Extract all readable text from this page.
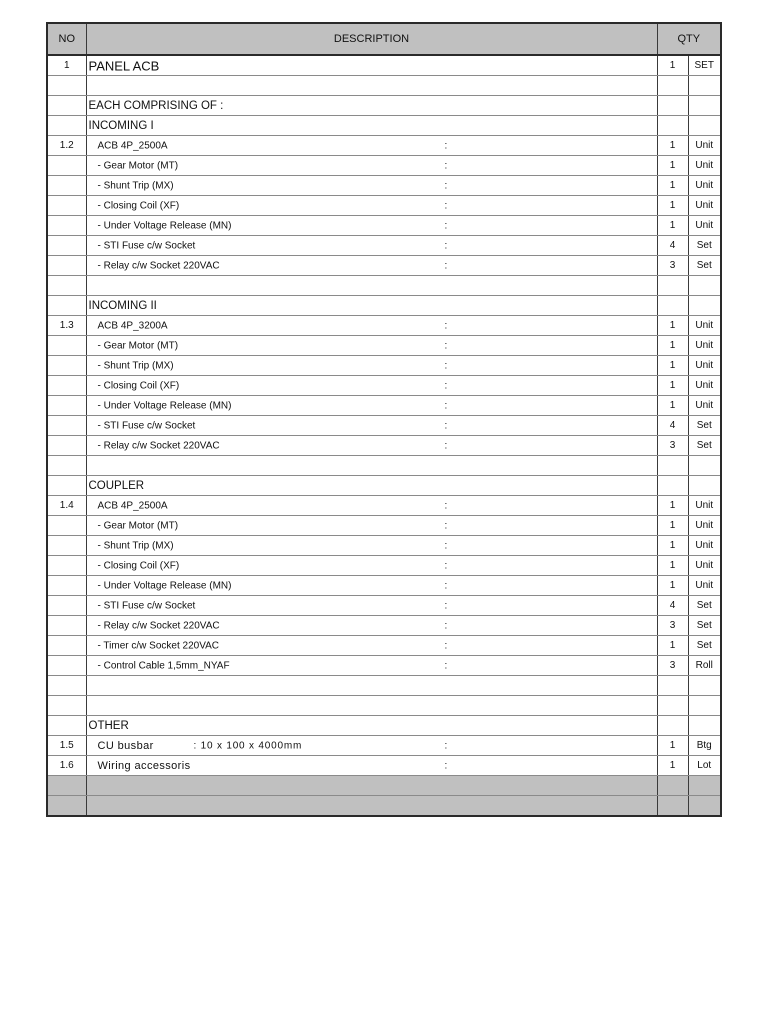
NO	DESCRIPTION	QTY	
1	PANEL ACB	1	SET

	EACH COMPRISING OF :		

	INCOMING I		

1.2	ACB 4P_2500A :	1	Unit

	- Gear Motor (MT) :	1	Unit

	- Shunt Trip (MX) :	1	Unit

	- Closing Coil (XF) :	1	Unit

	- Under Voltage Release (MN) :	1	Unit

	- STI Fuse c/w Socket :	4	Set

	- Relay c/w Socket 220VAC :	3	Set

	INCOMING II		

1.3	ACB 4P_3200A :	1	Unit

	- Gear Motor (MT) :	1	Unit

	- Shunt Trip (MX) :	1	Unit

	- Closing Coil (XF) :	1	Unit

	- Under Voltage Release (MN) :	1	Unit

	- STI Fuse c/w Socket :	4	Set

	- Relay c/w Socket 220VAC :	3	Set

	COUPLER		

1.4	ACB 4P_2500A :	1	Unit

	- Gear Motor (MT) :	1	Unit

	- Shunt Trip (MX) :	1	Unit

	- Closing Coil (XF) :	1	Unit

	- Under Voltage Release (MN) :	1	Unit

	- STI Fuse c/w Socket :	4	Set

	- Relay c/w Socket 220VAC :	3	Set

	- Timer c/w Socket 220VAC :	1	Set

	- Control Cable 1,5mm_NYAF :	3	Roll

	OTHER		

1.5	CU busbar : 10 x 100 x 4000mm :	1	Btg
1.6	Wiring accessoris :	1	Lot
